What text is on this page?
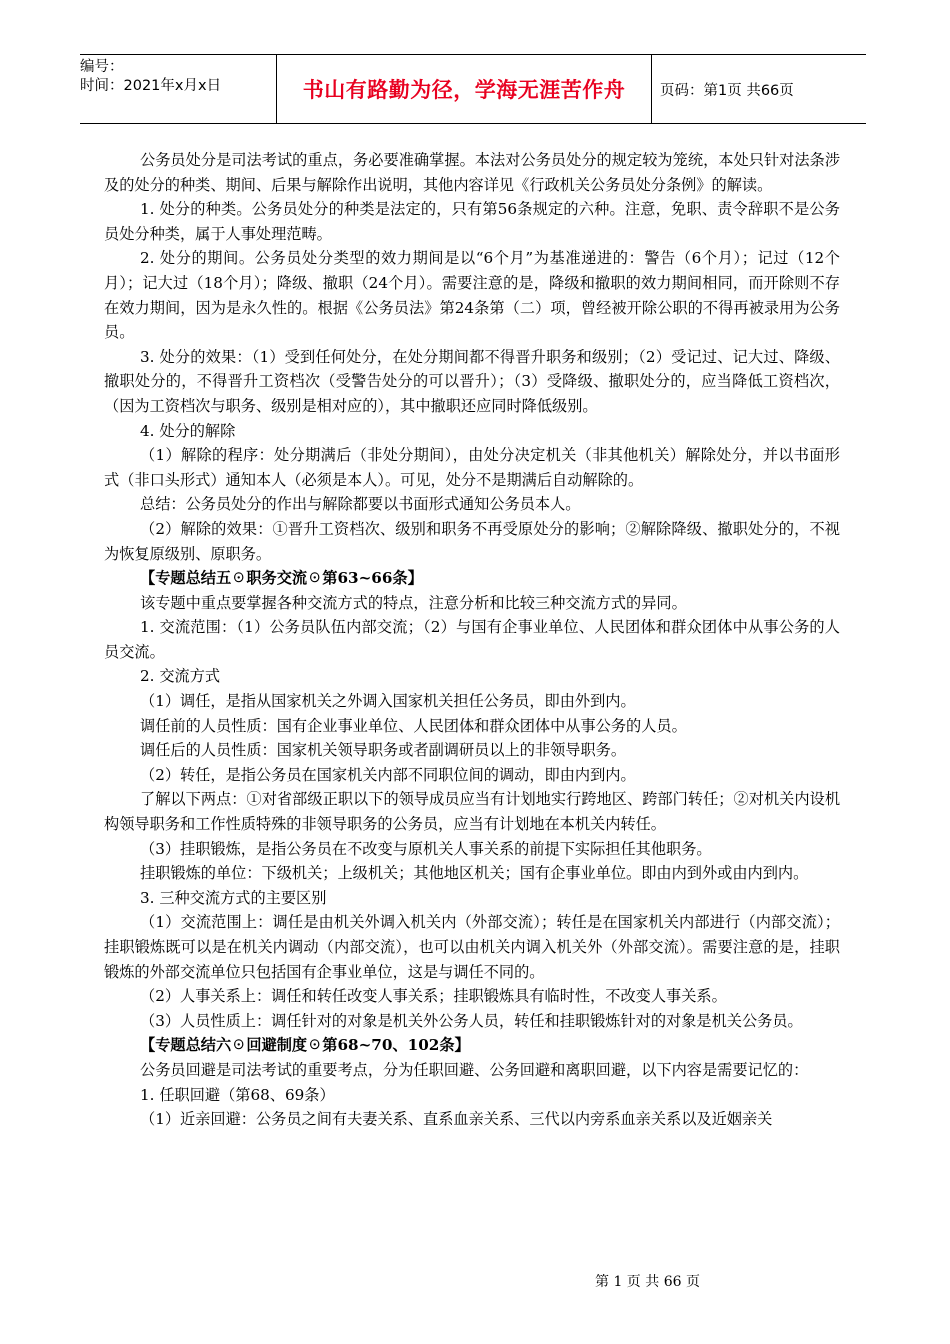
编号：
时间：2021年x月x日	书山有路勤为径，学海无涯苦作舟 页码：第1页 共66页

公务员处分是司法考试的重点，务必要准确掌握。本法对公务员处分的规定较为笼统，本处只针对法条涉及的处分的种类、期间、后果与解除作出说明，其他内容详见《行政机关公务员处分条例》的解读。

1. 处分的种类。公务员处分的种类是法定的，只有第56条规定的六种。注意，免职、责令辞职不是公务员处分种类，属于人事处理范畴。

2. 处分的期间。公务员处分类型的效力期间是以“6个月”为基准递进的：警告（6个月）；记过（12个月）；记大过（18个月）；降级、撤职（24个月）。需要注意的是，降级和撤职的效力期间相同，而开除则不存在效力期间，因为是永久性的。根据《公务员法》第24条第（二）项，曾经被开除公职的不得再被录用为公务员。

3. 处分的效果：（1）受到任何处分，在处分期间都不得晋升职务和级别；（2）受记过、记大过、降级、撤职处分的，不得晋升工资档次（受警告处分的可以晋升）；（3）受降级、撤职处分的，应当降低工资档次，（因为工资档次与职务、级别是相对应的），其中撤职还应同时降低级别。

4. 处分的解除

（1）解除的程序：处分期满后（非处分期间），由处分决定机关（非其他机关）解除处分，并以书面形式（非口头形式）通知本人（必须是本人）。可见，处分不是期满后自动解除的。

总结：公务员处分的作出与解除都要以书面形式通知公务员本人。

（2）解除的效果：①晋升工资档次、级别和职务不再受原处分的影响；②解除降级、撤职处分的，不视为恢复原级别、原职务。

【专题总结五☉职务交流☉第63~66条】

该专题中重点要掌握各种交流方式的特点，注意分析和比较三种交流方式的异同。

1. 交流范围：（1）公务员队伍内部交流；（2）与国有企事业单位、人民团体和群众团体中从事公务的人员交流。

2. 交流方式

（1）调任，是指从国家机关之外调入国家机关担任公务员，即由外到内。

调任前的人员性质：国有企业事业单位、人民团体和群众团体中从事公务的人员。

调任后的人员性质：国家机关领导职务或者副调研员以上的非领导职务。

（2）转任，是指公务员在国家机关内部不同职位间的调动，即由内到内。

了解以下两点：①对省部级正职以下的领导成员应当有计划地实行跨地区、跨部门转任；②对机关内设机构领导职务和工作性质特殊的非领导职务的公务员，应当有计划地在本机关内转任。

（3）挂职锻炼，是指公务员在不改变与原机关人事关系的前提下实际担任其他职务。

挂职锻炼的单位：下级机关；上级机关；其他地区机关；国有企事业单位。即由内到外或由内到内。

3. 三种交流方式的主要区别

（1）交流范围上：调任是由机关外调入机关内（外部交流）；转任是在国家机关内部进行（内部交流）；挂职锻炼既可以是在机关内调动（内部交流），也可以由机关内调入机关外（外部交流）。需要注意的是，挂职锻炼的外部交流单位只包括国有企事业单位，这是与调任不同的。

（2）人事关系上：调任和转任改变人事关系；挂职锻炼具有临时性，不改变人事关系。

（3）人员性质上：调任针对的对象是机关外公务人员，转任和挂职锻炼针对的对象是机关公务员。

【专题总结六☉回避制度☉第68~70、102条】

公务员回避是司法考试的重要考点，分为任职回避、公务回避和离职回避，以下内容是需要记忆的：

1. 任职回避（第68、69条）

（1）近亲回避：公务员之间有夫妻关系、直系血亲关系、三代以内旁系血亲关系以及近姻亲关

第 1 页 共 66 页
